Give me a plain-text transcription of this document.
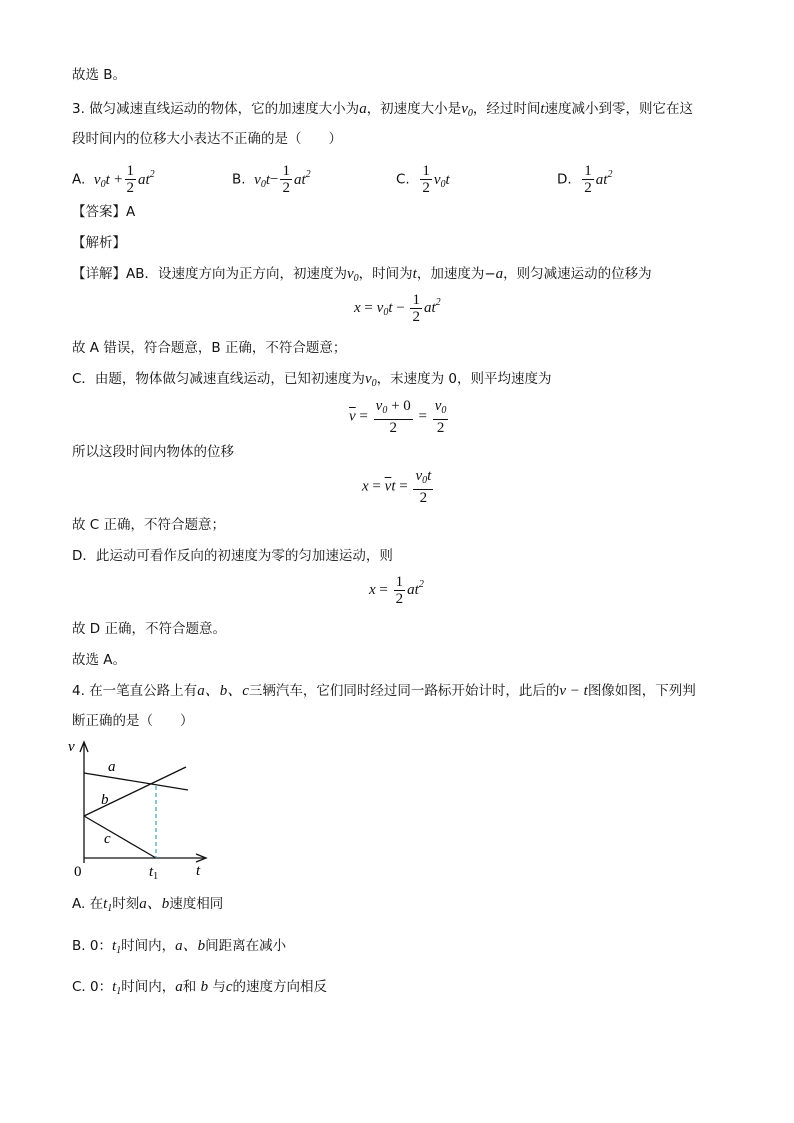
故选 B。
3. 做匀减速直线运动的物体，它的加速度大小为a，初速度大小是$v_0$，经过时间t速度减小到零，则它在这
段时间内的位移大小表达不正确的是（　　）
A. $v_0t + \frac{1}{2} at^2$	B. $v_0t- \frac{1}{2} at^2$	C. $\frac{1}{2} v_0t$	D. $\frac{1}{2} at^2$
【答案】A
【解析】
【详解】AB．设速度方向为正方向，初速度为$v_0$，时间为t，加速度为−a，则匀减速运动的位移为
$x = v_0t - \frac{1}{2} at^2$
故 A 错误，符合题意，B 正确，不符合题意；
C．由题，物体做匀减速直线运动，已知初速度为$v_0$，末速度为 0，则平均速度为
$\overline{v} = \frac{v_0 + 0}{2} = \frac{v_0}{2}$
所以这段时间内物体的位移
$x = \overline{v}t = \frac{v_0t}{2}$
故 C 正确，不符合题意；
D．此运动可看作反向的初速度为零的匀加速运动，则
$x = \frac{1}{2} at^2$
故 D 正确，不符合题意。
故选 A。
4. 在一笔直公路上有a、b、c三辆汽车，它们同时经过同一路标开始计时，此后的v − t图像如图，下列判
断正确的是（　　）
v
t
0
a
b
c
$t_1$
A. 在$t_1$时刻a、b速度相同
B. 0：$t_1$时间内，a、b间距离在减小
C. 0：$t_1$时间内，a和 b 与c的速度方向相反
